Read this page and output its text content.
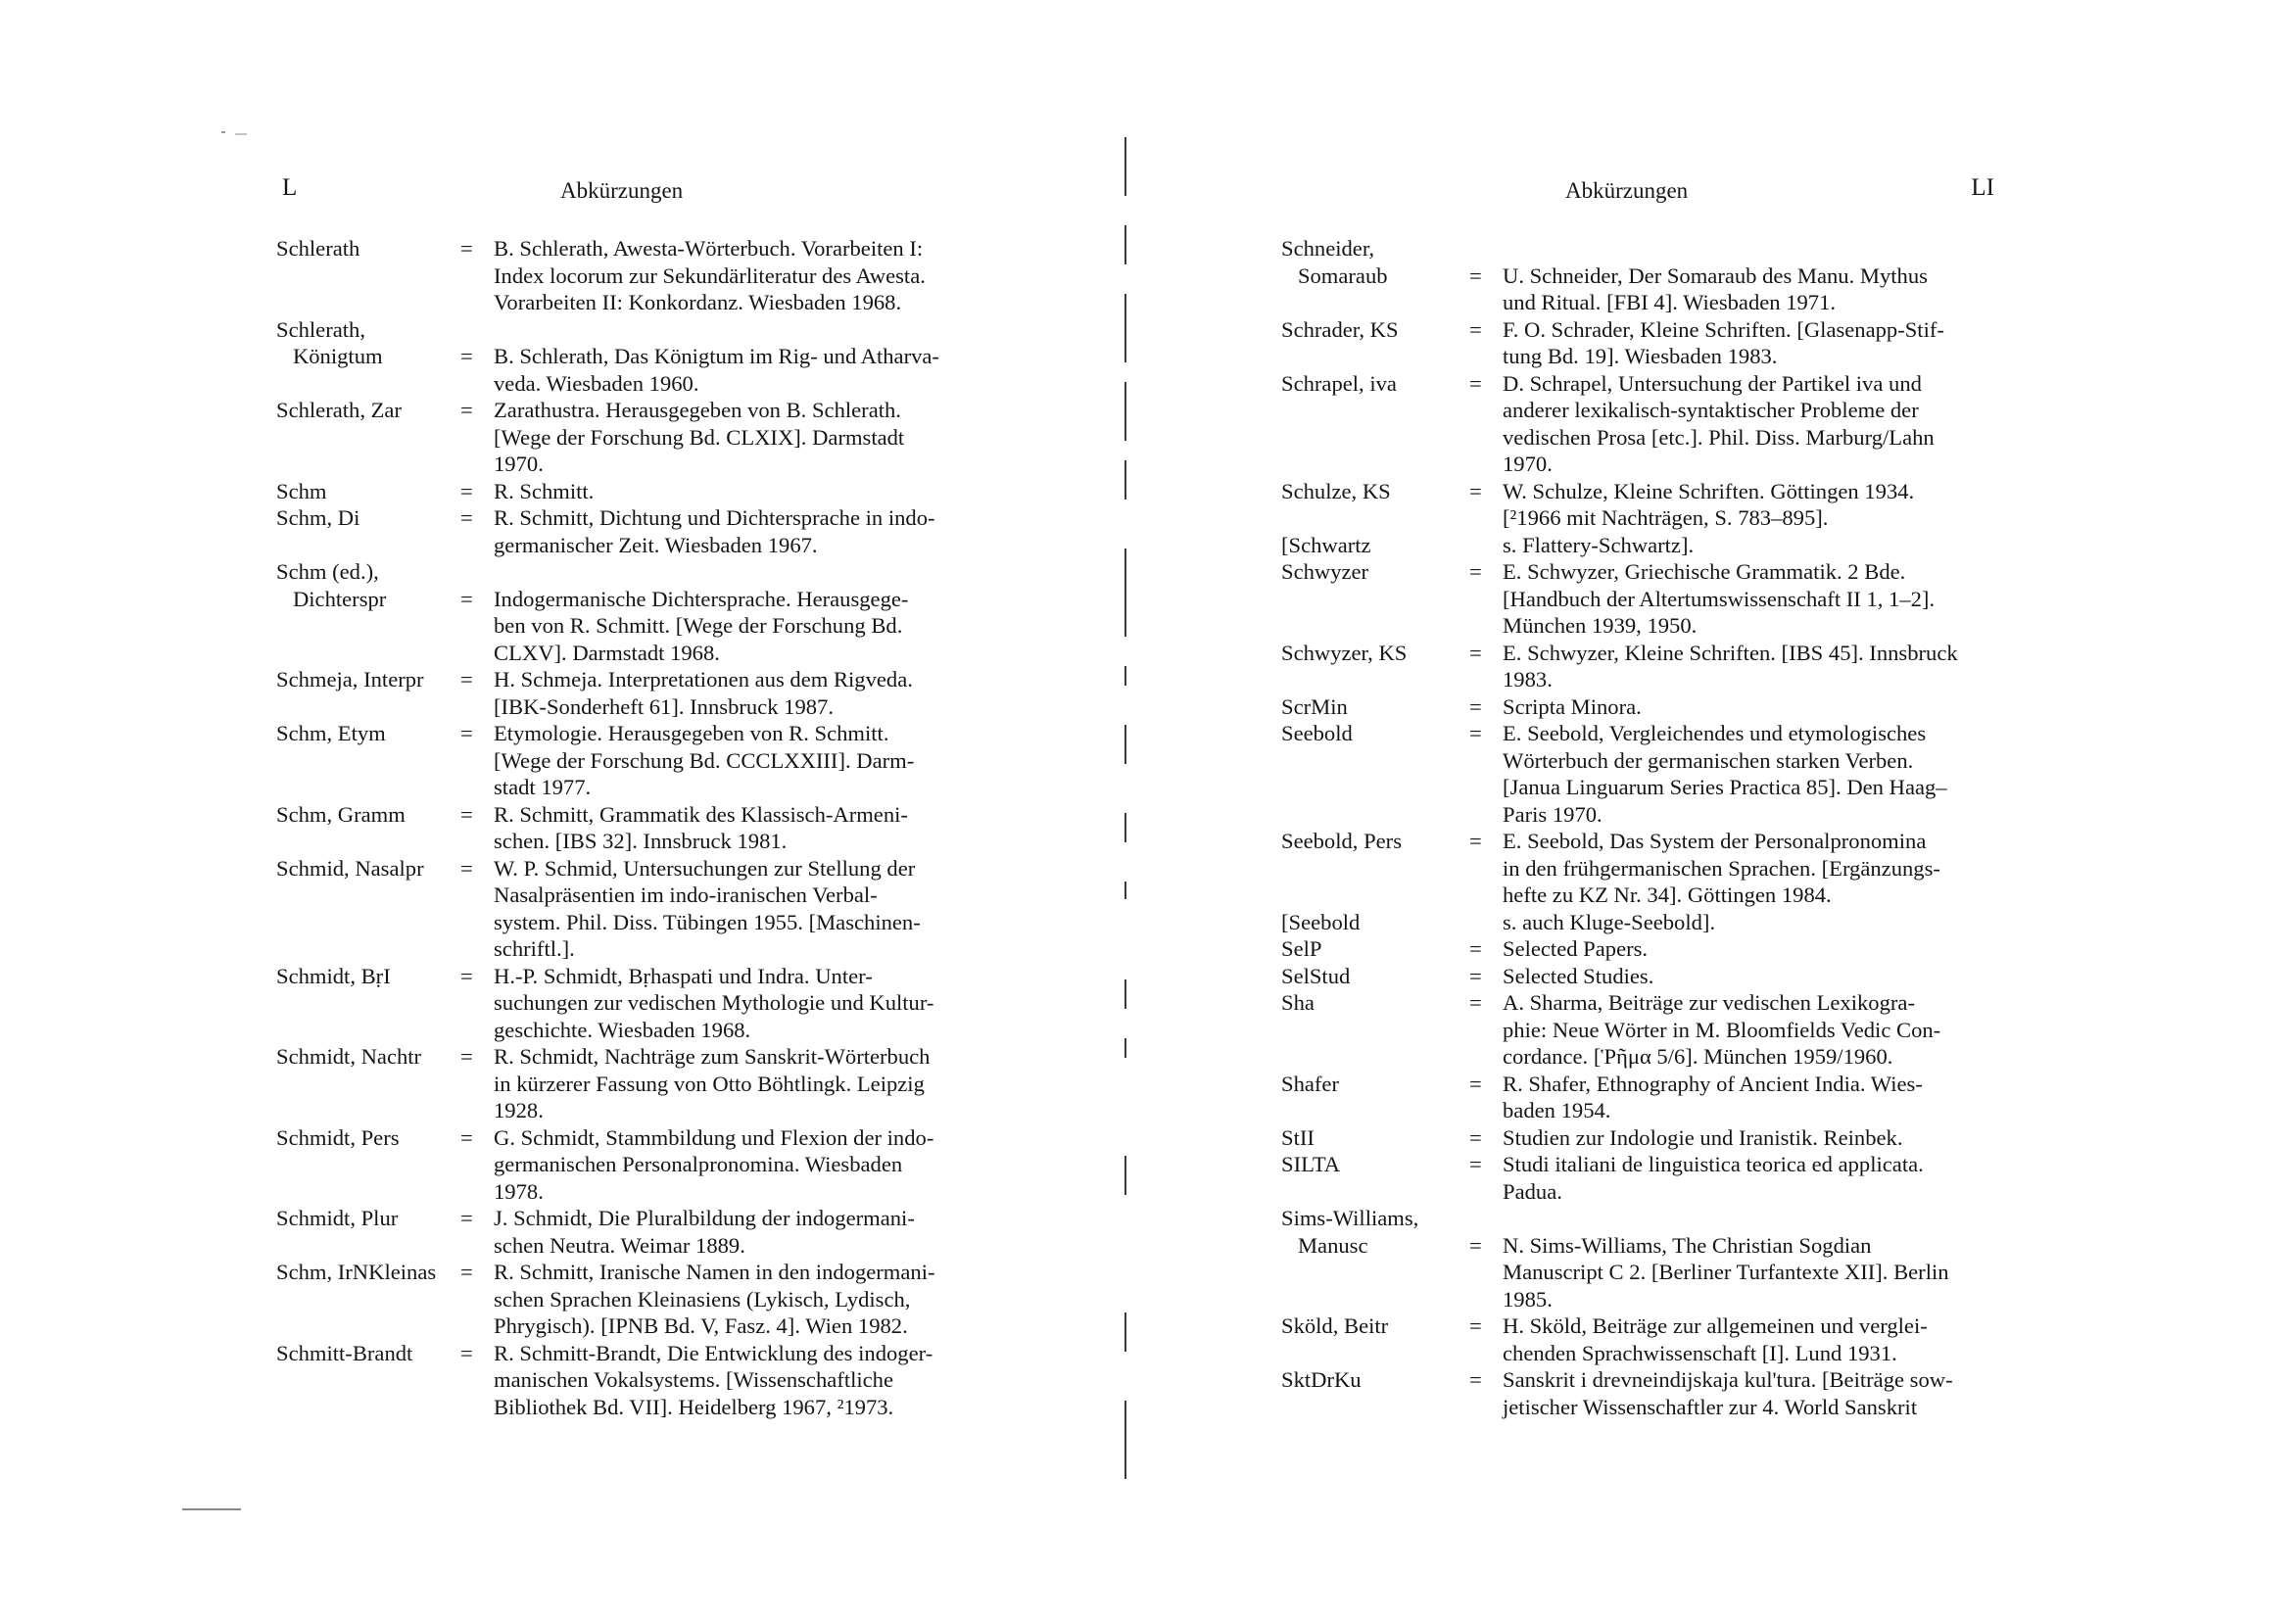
L	Abkürzungen
Schlerath	= B. Schlerath, Awesta-Wörterbuch. Vorarbeiten I:
Index locorum zur Sekundärliteratur des Awesta.
Vorarbeiten II: Konkordanz. Wiesbaden 1968.
Schlerath,
Königtum	= B. Schlerath, Das Königtum im Rig- und Atharva-
veda. Wiesbaden 1960.
Schlerath, Zar	= Zarathustra. Herausgegeben von B. Schlerath.
[Wege der Forschung Bd. CLXIX]. Darmstadt
1970.
Schm	= R. Schmitt.
Schm, Di	= R. Schmitt, Dichtung und Dichtersprache in indo-
germanischer Zeit. Wiesbaden 1967.
Schm (ed.),
Dichterspr	= Indogermanische Dichtersprache. Herausgege-
ben von R. Schmitt. [Wege der Forschung Bd.
CLXV]. Darmstadt 1968.
Schmeja, Interpr	= H. Schmeja. Interpretationen aus dem Rigveda.
[IBK-Sonderheft 61]. Innsbruck 1987.
Schm, Etym	= Etymologie. Herausgegeben von R. Schmitt.
[Wege der Forschung Bd. CCCLXXIII]. Darm-
stadt 1977.
Schm, Gramm	= R. Schmitt, Grammatik des Klassisch-Armeni-
schen. [IBS 32]. Innsbruck 1981.
Schmid, Nasalpr	= W. P. Schmid, Untersuchungen zur Stellung der
Nasalpräsentien im indo-iranischen Verbal-
system. Phil. Diss. Tübingen 1955. [Maschinen-
schriftl.].
Schmidt, BṛI	= H.-P. Schmidt, Bṛhaspati und Indra. Unter-
suchungen zur vedischen Mythologie und Kultur-
geschichte. Wiesbaden 1968.
Schmidt, Nachtr	= R. Schmidt, Nachträge zum Sanskrit-Wörterbuch
in kürzerer Fassung von Otto Böhtlingk. Leipzig
1928.
Schmidt, Pers	= G. Schmidt, Stammbildung und Flexion der indo-
germanischen Personalpronomina. Wiesbaden
1978.
Schmidt, Plur	= J. Schmidt, Die Pluralbildung der indogermani-
schen Neutra. Weimar 1889.
Schm, IrNKleinas	= R. Schmitt, Iranische Namen in den indogermani-
schen Sprachen Kleinasiens (Lykisch, Lydisch,
Phrygisch). [IPNB Bd. V, Fasz. 4]. Wien 1982.
Schmitt-Brandt	= R. Schmitt-Brandt, Die Entwicklung des indoger-
manischen Vokalsystems. [Wissenschaftliche
Bibliothek Bd. VII]. Heidelberg 1967, ²1973.
Abkürzungen	LI
Schneider,
Somaraub	= U. Schneider, Der Somaraub des Manu. Mythus
und Ritual. [FBI 4]. Wiesbaden 1971.
Schrader, KS	= F. O. Schrader, Kleine Schriften. [Glasenapp-Stif-
tung Bd. 19]. Wiesbaden 1983.
Schrapel, iva	= D. Schrapel, Untersuchung der Partikel iva und
anderer lexikalisch-syntaktischer Probleme der
vedischen Prosa [etc.]. Phil. Diss. Marburg/Lahn
1970.
Schulze, KS	= W. Schulze, Kleine Schriften. Göttingen 1934.
[²1966 mit Nachträgen, S. 783–895].
[Schwartz	s. Flattery-Schwartz].
Schwyzer	= E. Schwyzer, Griechische Grammatik. 2 Bde.
[Handbuch der Altertumswissenschaft II 1, 1–2].
München 1939, 1950.
Schwyzer, KS	= E. Schwyzer, Kleine Schriften. [IBS 45]. Innsbruck
1983.
ScrMin	= Scripta Minora.
Seebold	= E. Seebold, Vergleichendes und etymologisches
Wörterbuch der germanischen starken Verben.
[Janua Linguarum Series Practica 85]. Den Haag–
Paris 1970.
Seebold, Pers	= E. Seebold, Das System der Personalpronomina
in den frühgermanischen Sprachen. [Ergänzungs-
hefte zu KZ Nr. 34]. Göttingen 1984.
[Seebold	s. auch Kluge-Seebold].
SelP	= Selected Papers.
SelStud	= Selected Studies.
Sha	= A. Sharma, Beiträge zur vedischen Lexikogra-
phie: Neue Wörter in M. Bloomfields Vedic Con-
cordance. [Ῥῆμα 5/6]. München 1959/1960.
Shafer	= R. Shafer, Ethnography of Ancient India. Wies-
baden 1954.
StII	= Studien zur Indologie und Iranistik. Reinbek.
SILTA	= Studi italiani de linguistica teorica ed applicata.
Padua.
Sims-Williams,
Manusc	= N. Sims-Williams, The Christian Sogdian
Manuscript C 2. [Berliner Turfantexte XII]. Berlin
1985.
Sköld, Beitr	= H. Sköld, Beiträge zur allgemeinen und verglei-
chenden Sprachwissenschaft [I]. Lund 1931.
SktDrKu	= Sanskrit i drevneindijskaja kul'tura. [Beiträge sow-
jetischer Wissenschaftler zur 4. World Sanskrit
